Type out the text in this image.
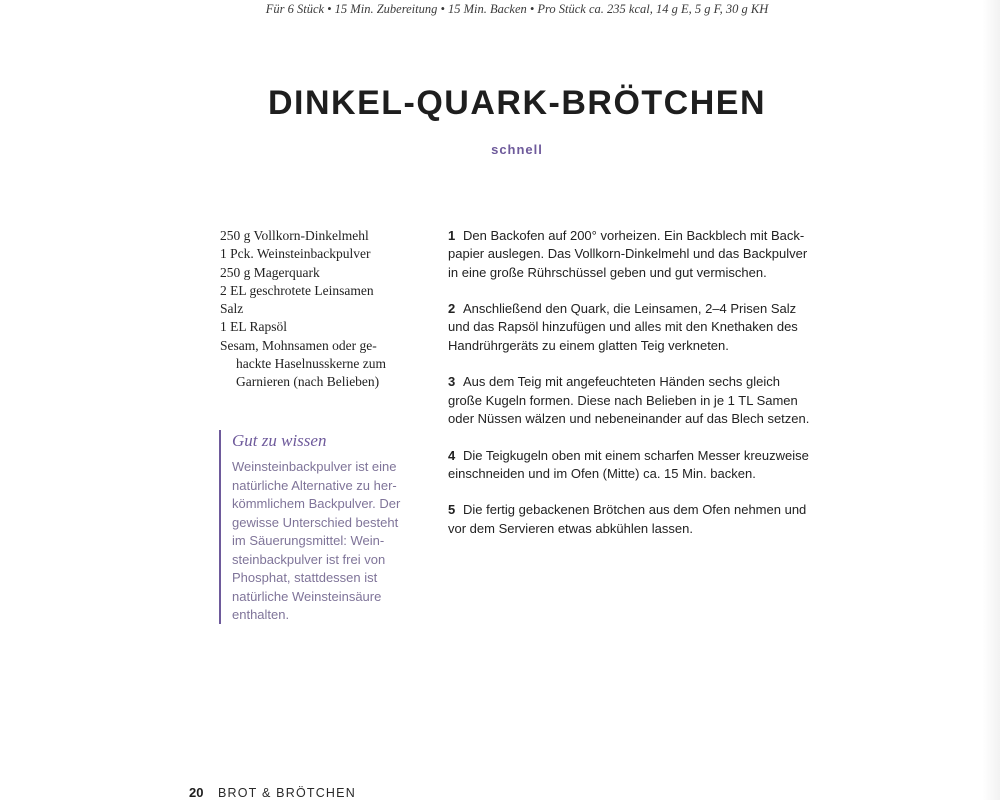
Für 6 Stück • 15 Min. Zubereitung • 15 Min. Backen • Pro Stück ca. 235 kcal, 14 g E, 5 g F, 30 g KH
DINKEL-QUARK-BRÖTCHEN
schnell
250 g Vollkorn-Dinkelmehl
1 Pck. Weinsteinbackpulver
250 g Magerquark
2 EL geschrotete Leinsamen
Salz
1 EL Rapsöl
Sesam, Mohnsamen oder ge-
hackte Haselnusskerne zum
Garnieren (nach Belieben)
Gut zu wissen
Weinsteinbackpulver ist eine
natürliche Alternative zu her-
kömmlichem Backpulver. Der
gewisse Unterschied besteht
im Säuerungsmittel: Wein-
steinbackpulver ist frei von
Phosphat, stattdessen ist
natürliche Weinsteinsäure
enthalten.
1 Den Backofen auf 200° vorheizen. Ein Backblech mit Back-
papier auslegen. Das Vollkorn-Dinkelmehl und das Backpulver
in eine große Rührschüssel geben und gut vermischen.
2 Anschließend den Quark, die Leinsamen, 2–4 Prisen Salz
und das Rapsöl hinzufügen und alles mit den Knethaken des
Handrührgeräts zu einem glatten Teig verkneten.
3 Aus dem Teig mit angefeuchteten Händen sechs gleich
große Kugeln formen. Diese nach Belieben in je 1 TL Samen
oder Nüssen wälzen und nebeneinander auf das Blech setzen.
4 Die Teigkugeln oben mit einem scharfen Messer kreuzweise
einschneiden und im Ofen (Mitte) ca. 15 Min. backen.
5 Die fertig gebackenen Brötchen aus dem Ofen nehmen und
vor dem Servieren etwas abkühlen lassen.
20 BROT & BRÖTCHEN
